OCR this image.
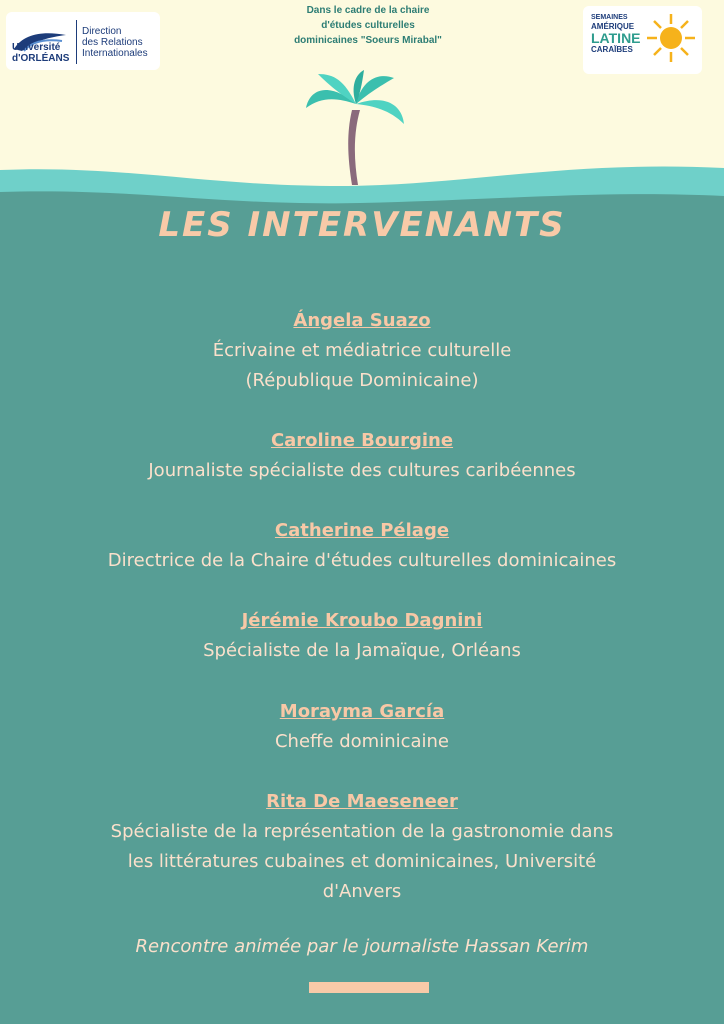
Université
d'ORLÉANS
Direction
des Relations
Internationales
Dans le cadre de la chaire
d'études culturelles
dominicaines "Soeurs Mirabal"
SEMAINES
AMÉRIQUE
LATINE
CARAÏBES
LES INTERVENANTS
Ángela Suazo
Écrivaine et médiatrice culturelle
(République Dominicaine)
Caroline Bourgine
Journaliste spécialiste des cultures caribéennes
Catherine Pélage
Directrice de la Chaire d'études culturelles dominicaines
Jérémie Kroubo Dagnini
Spécialiste de la Jamaïque, Orléans
Morayma García
Cheffe dominicaine
Rita De Maeseneer
Spécialiste de la représentation de la gastronomie dans
les littératures cubaines et dominicaines, Université
d'Anvers
Rencontre animée par le journaliste Hassan Kerim
